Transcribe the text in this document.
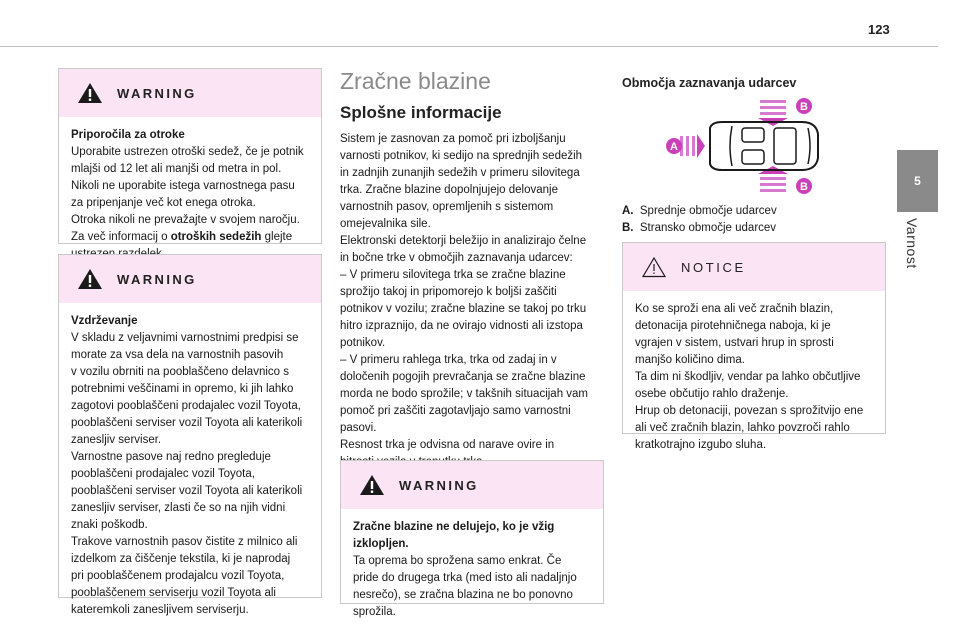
123
5
Varnost
WARNING

Priporočila za otroke

Uporabite ustrezen otroški sedež, če je potnik

mlajši od 12 let ali manjši od metra in pol.

Nikoli ne uporabite istega varnostnega pasu

za pripenjanje več kot enega otroka.

Otroka nikoli ne prevažajte v svojem naročju.

Za več informacij o otroških sedežih glejte

WARNING

Vzdrževanje

V skladu z veljavnimi varnostnimi predpisi se

morate za vsa dela na varnostnih pasovih

v vozilu obrniti na pooblaščeno delavnico s

potrebnimi veščinami in opremo, ki jih lahko

zagotovi pooblaščeni prodajalec vozil Toyota,

pooblaščeni serviser vozil Toyota ali katerikoli

zanesljiv serviser.

Varnostne pasove naj redno pregleduje

pooblaščeni prodajalec vozil Toyota,

pooblaščeni serviser vozil Toyota ali katerikoli

zanesljiv serviser, zlasti če so na njih vidni

znaki poškodb.

Trakove varnostnih pasov čistite z milnico ali

izdelkom za čiščenje tekstila, ki je naprodaj

pri pooblaščenem prodajalcu vozil Toyota,

pooblaščenem serviserju vozil Toyota ali

kateremkoli zanesljivem serviserju.

Zračne blazine
Splošne informacije

Sistem je zasnovan za pomoč pri izboljšanju

varnosti potnikov, ki sedijo na sprednjih sedežih

in zadnjih zunanjih sedežih v primeru silovitega

trka. Zračne blazine dopolnjujejo delovanje

varnostnih pasov, opremljenih s sistemom

omejevalnika sile.

Elektronski detektorji beležijo in analizirajo čelne

in bočne trke v območjih zaznavanja udarcev:

– V primeru silovitega trka se zračne blazine

sprožijo takoj in pripomorejo k boljši zaščiti

potnikov v vozilu; zračne blazine se takoj po trku

hitro izpraznijo, da ne ovirajo vidnosti ali izstopa

potnikov.

– V primeru rahlega trka, trka od zadaj in v

določenih pogojih prevračanja se zračne blazine

morda ne bodo sprožile; v takšnih situacijah vam

pomoč pri zaščiti zagotavljajo samo varnostni

pasovi.

Resnost trka je odvisna od narave ovire in

WARNING

Zračne blazine ne delujejo, ko je vžig

izklopljen.

Ta oprema bo sprožena samo enkrat. Če

pride do drugega trka (med isto ali nadaljnjo

nesrečo), se zračna blazina ne bo ponovno

sprožila.

Območja zaznavanja udarcev
B
B
A

A. Sprednje območje udarcev

B. Stransko območje udarcev

NOTICE

Ko se sproži ena ali več zračnih blazin,

detonacija pirotehničnega naboja, ki je

vgrajen v sistem, ustvari hrup in sprosti

manjšo količino dima.

Ta dim ni škodljiv, vendar pa lahko občutljive

osebe občutijo rahlo draženje.

Hrup ob detonaciji, povezan s sprožitvijo ene

ali več zračnih blazin, lahko povzroči rahlo

kratkotrajno izgubo sluha.
